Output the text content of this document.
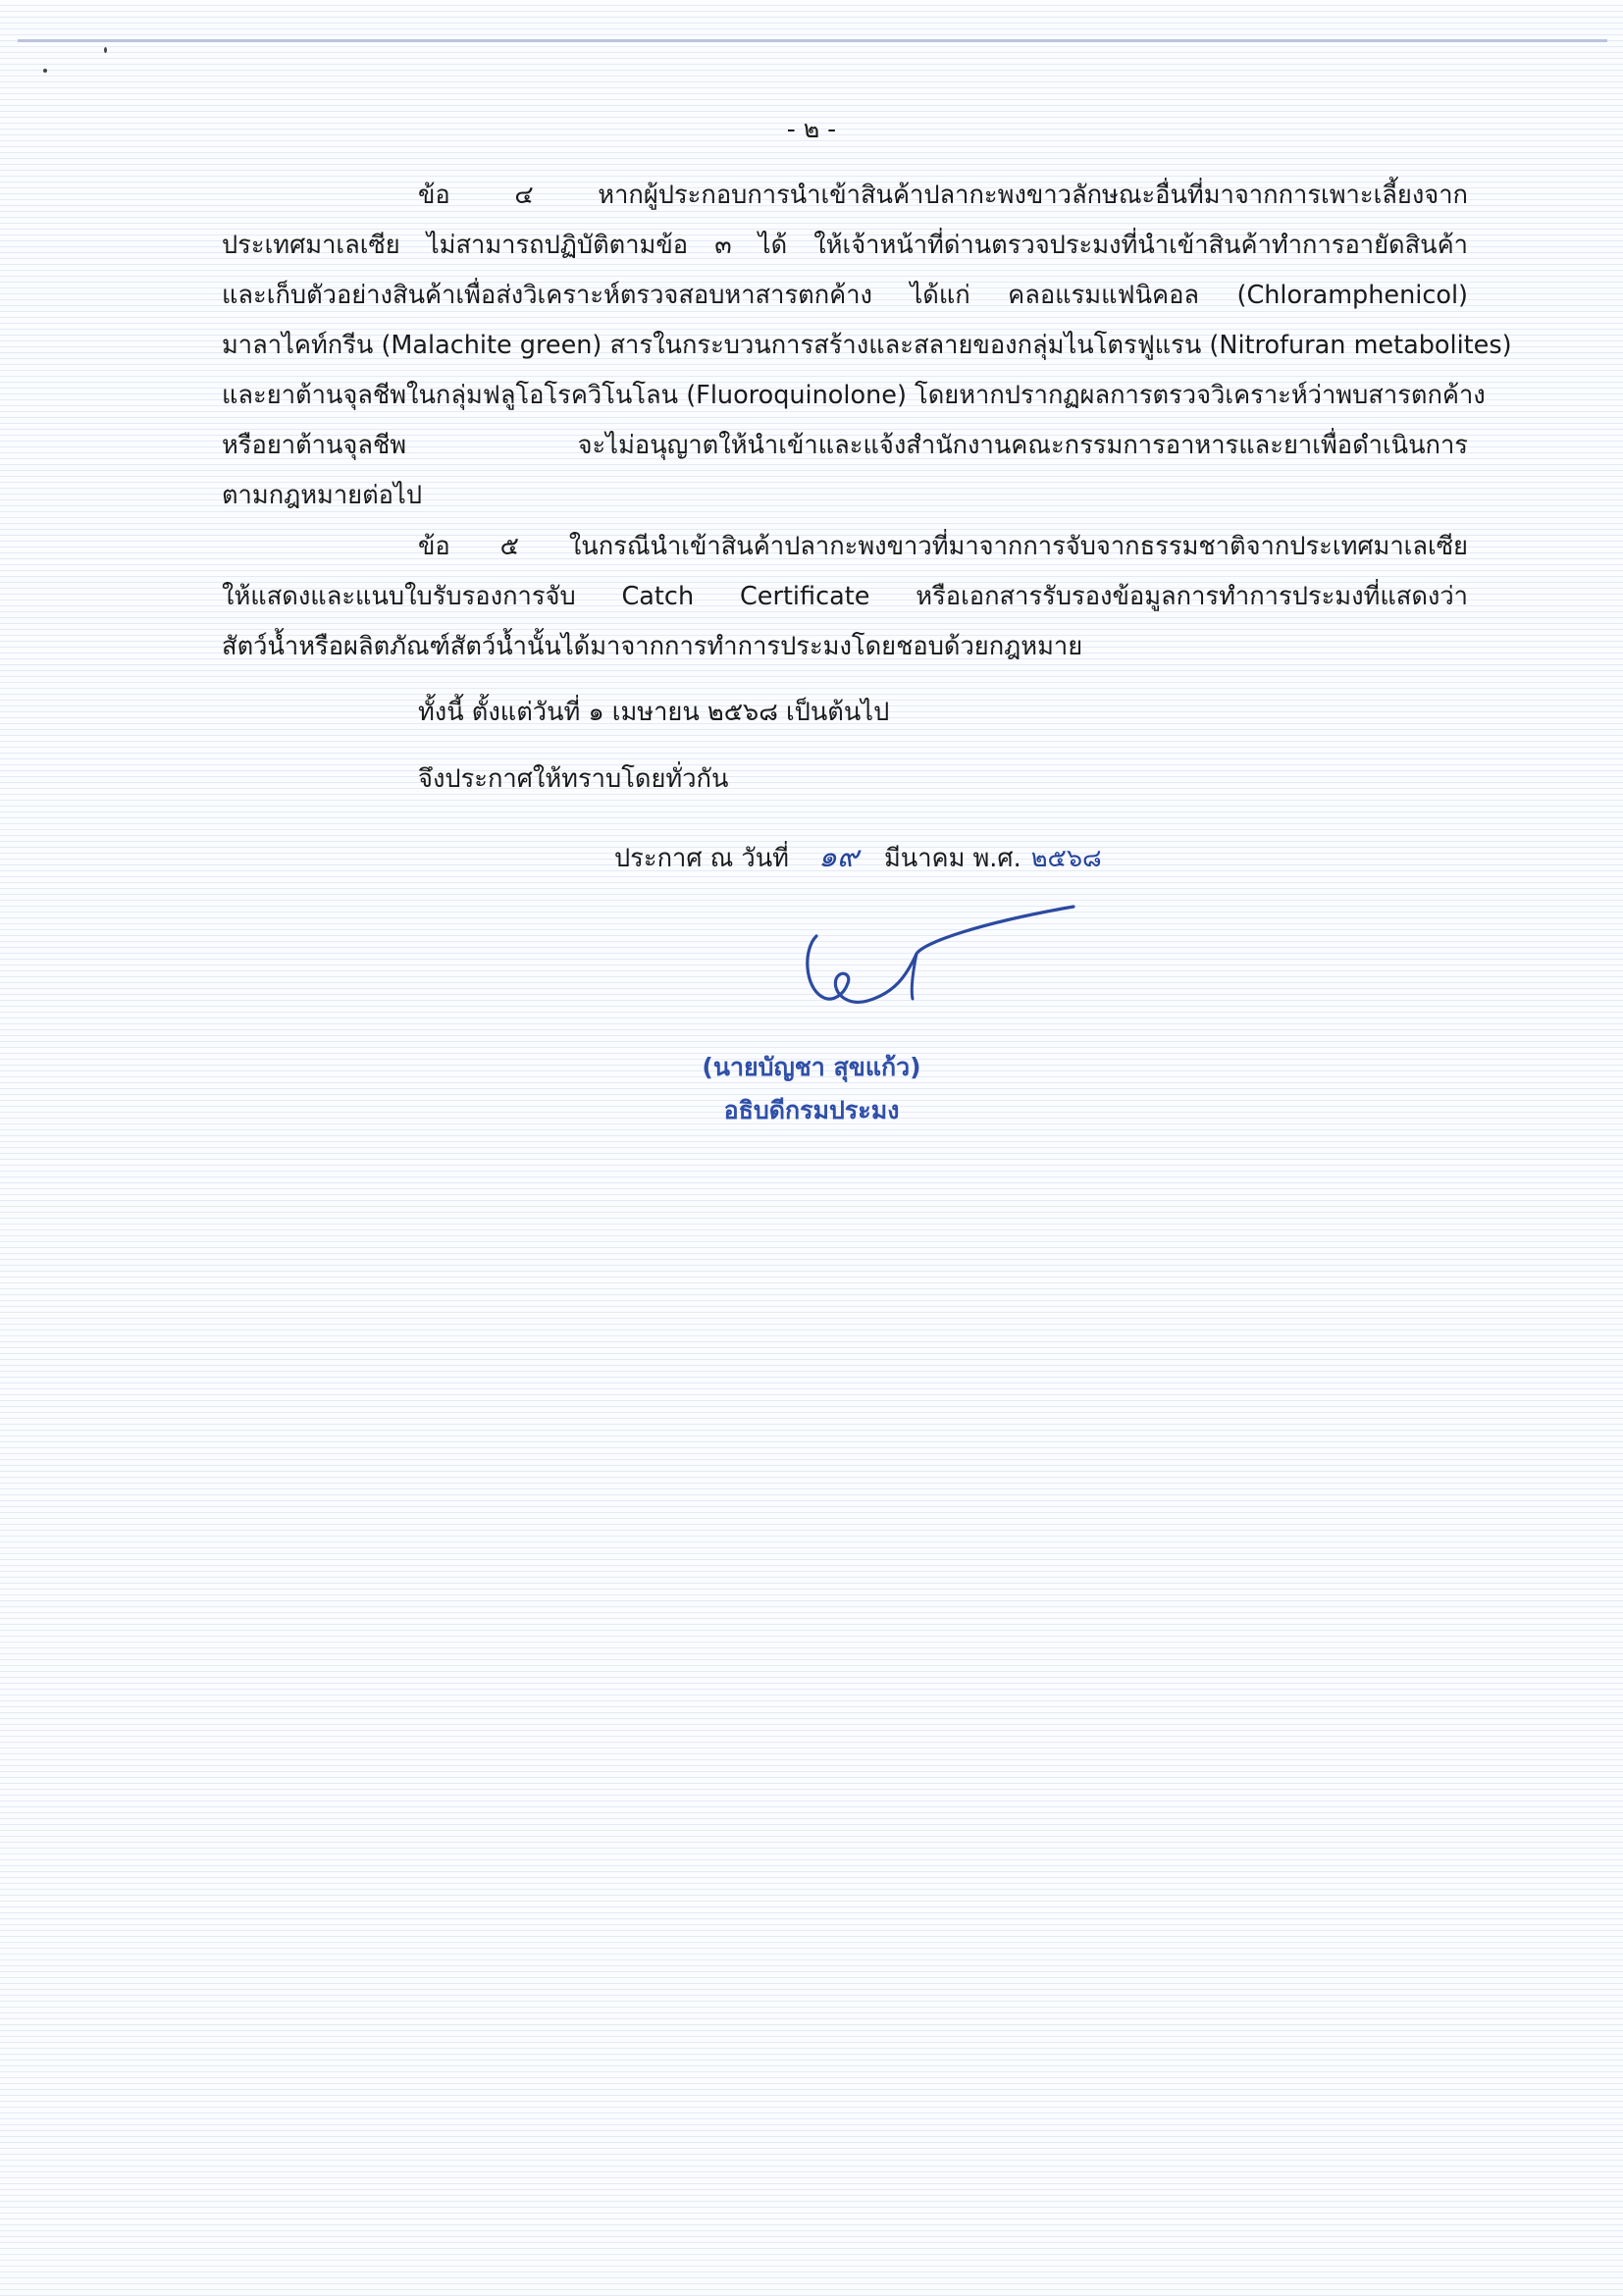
- ๒ -
ข้อ ๔ หากผู้ประกอบการนำเข้าสินค้าปลากะพงขาวลักษณะอื่นที่มาจากการเพาะเลี้ยงจาก
ประเทศมาเลเซีย ไม่สามารถปฏิบัติตามข้อ ๓ ได้ ให้เจ้าหน้าที่ด่านตรวจประมงที่นำเข้าสินค้าทำการอายัดสินค้า
และเก็บตัวอย่างสินค้าเพื่อส่งวิเคราะห์ตรวจสอบหาสารตกค้าง ได้แก่ คลอแรมแฟนิคอล (Chloramphenicol)
มาลาไคท์กรีน (Malachite green) สารในกระบวนการสร้างและสลายของกลุ่มไนโตรฟูแรน (Nitrofuran metabolites)
และยาต้านจุลชีพในกลุ่มฟลูโอโรควิโนโลน (Fluoroquinolone) โดยหากปรากฏผลการตรวจวิเคราะห์ว่าพบสารตกค้าง
หรือยาต้านจุลชีพ จะไม่อนุญาตให้นำเข้าและแจ้งสำนักงานคณะกรรมการอาหารและยาเพื่อดำเนินการ
ตามกฎหมายต่อไป
ข้อ ๕ ในกรณีนำเข้าสินค้าปลากะพงขาวที่มาจากการจับจากธรรมชาติจากประเทศมาเลเซีย
ให้แสดงและแนบใบรับรองการจับ Catch Certificate หรือเอกสารรับรองข้อมูลการทำการประมงที่แสดงว่า
สัตว์น้ำหรือผลิตภัณฑ์สัตว์น้ำนั้นได้มาจากการทำการประมงโดยชอบด้วยกฎหมาย
ทั้งนี้ ตั้งแต่วันที่ ๑ เมษายน ๒๕๖๘ เป็นต้นไป
จึงประกาศให้ทราบโดยทั่วกัน
ประกาศ ณ วันที่ ๑๙ มีนาคม พ.ศ. ๒๕๖๘
(นายบัญชา สุขแก้ว)
อธิบดีกรมประมง
